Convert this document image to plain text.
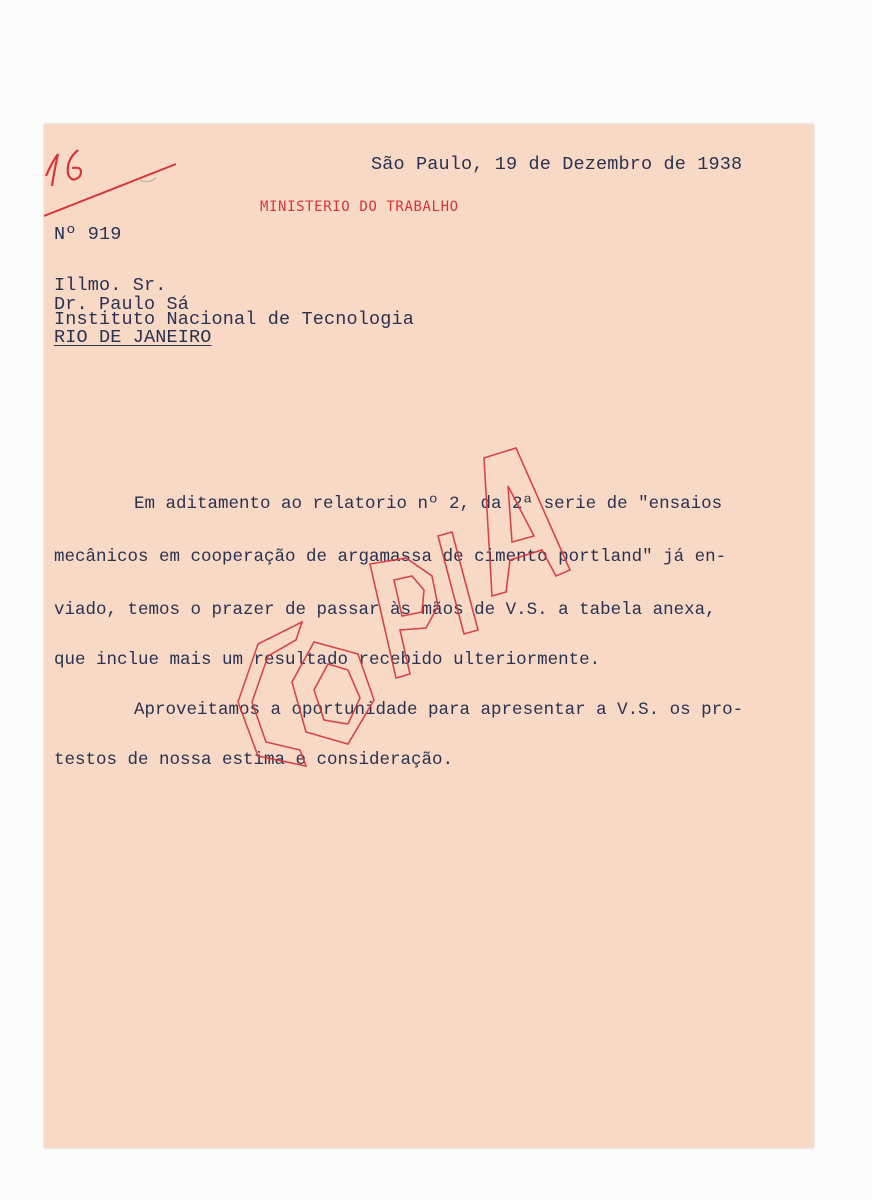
São Paulo, 19 de Dezembro de 1938
MINISTERIO DO TRABALHO
Nº 919
Illmo. Sr.
Dr. Paulo Sá
Instituto Nacional de Tecnologia
RIO DE JANEIRO
Em aditamento ao relatorio nº 2, da 2ª serie de "ensaios
mecânicos em cooperação de argamassa de cimento portland" já en-
viado, temos o prazer de passar às mãos de V.S. a tabela anexa,
que inclue mais um resultado recebido ulteriormente.
Aproveitamos a oportunidade para apresentar a V.S. os pro-
testos de nossa estima e consideração.
